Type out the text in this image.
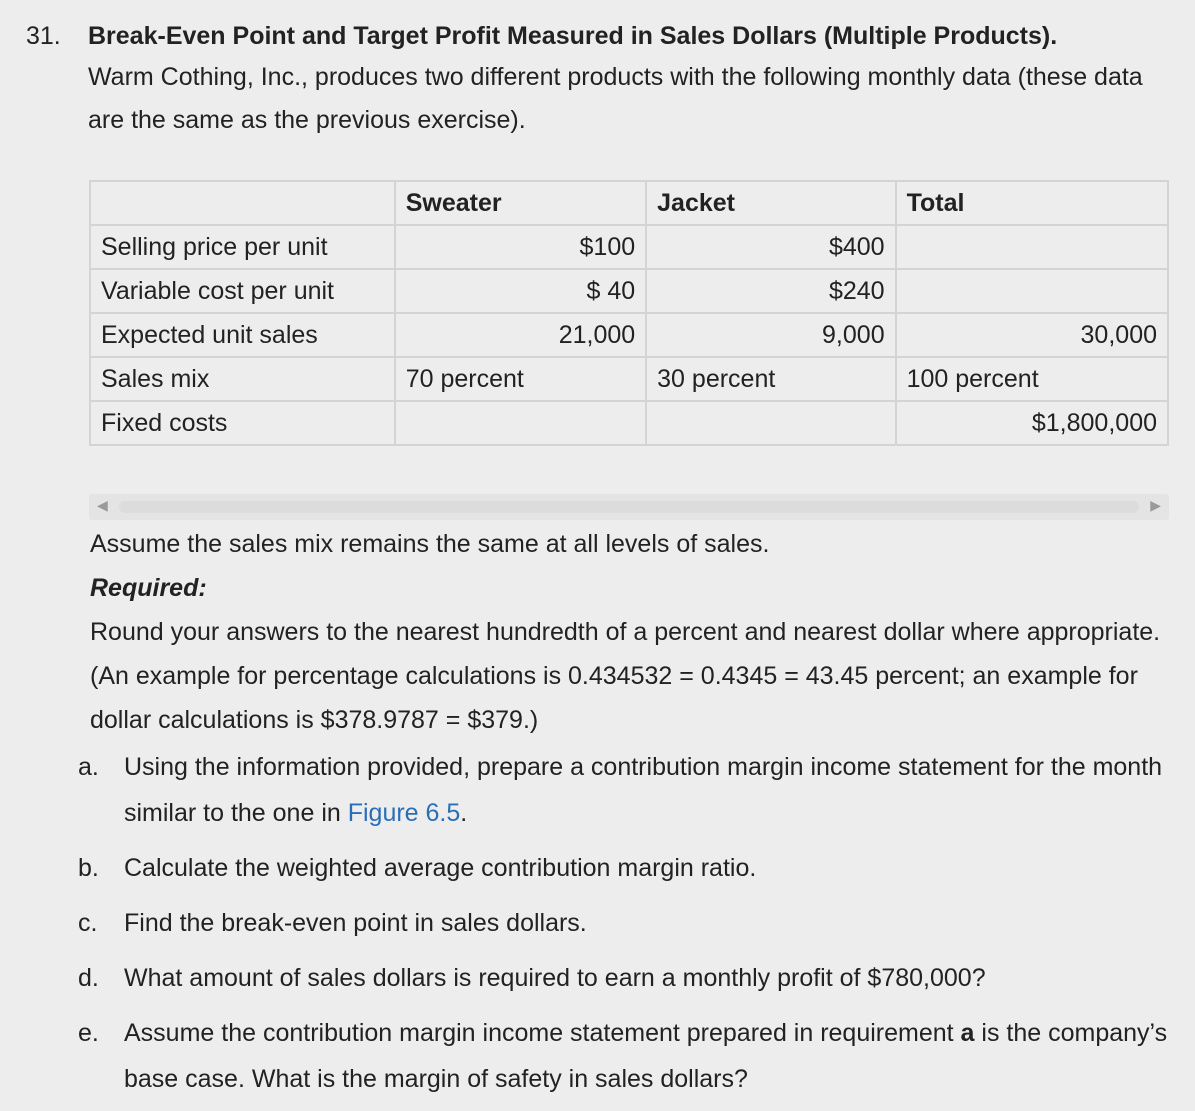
31. Break-Even Point and Target Profit Measured in Sales Dollars (Multiple Products).
Warm Cothing, Inc., produces two different products with the following monthly data (these data are the same as the previous exercise).
	Sweater	Jacket	Total
Selling price per unit	$100	$400	
Variable cost per unit	$ 40	$240	
Expected unit sales	21,000	9,000	30,000
Sales mix	70 percent	30 percent	100 percent
Fixed costs			$1,800,000
◀	▶
Assume the sales mix remains the same at all levels of sales.
Required:
Round your answers to the nearest hundredth of a percent and nearest dollar where appropriate. (An example for percentage calculations is 0.434532 = 0.4345 = 43.45 percent; an example for dollar calculations is $378.9787 = $379.)
a. Using the information provided, prepare a contribution margin income statement for the month similar to the one in Figure 6.5.
b. Calculate the weighted average contribution margin ratio.
c. Find the break-even point in sales dollars.
d. What amount of sales dollars is required to earn a monthly profit of $780,000?
e. Assume the contribution margin income statement prepared in requirement a is the company’s base case. What is the margin of safety in sales dollars?
